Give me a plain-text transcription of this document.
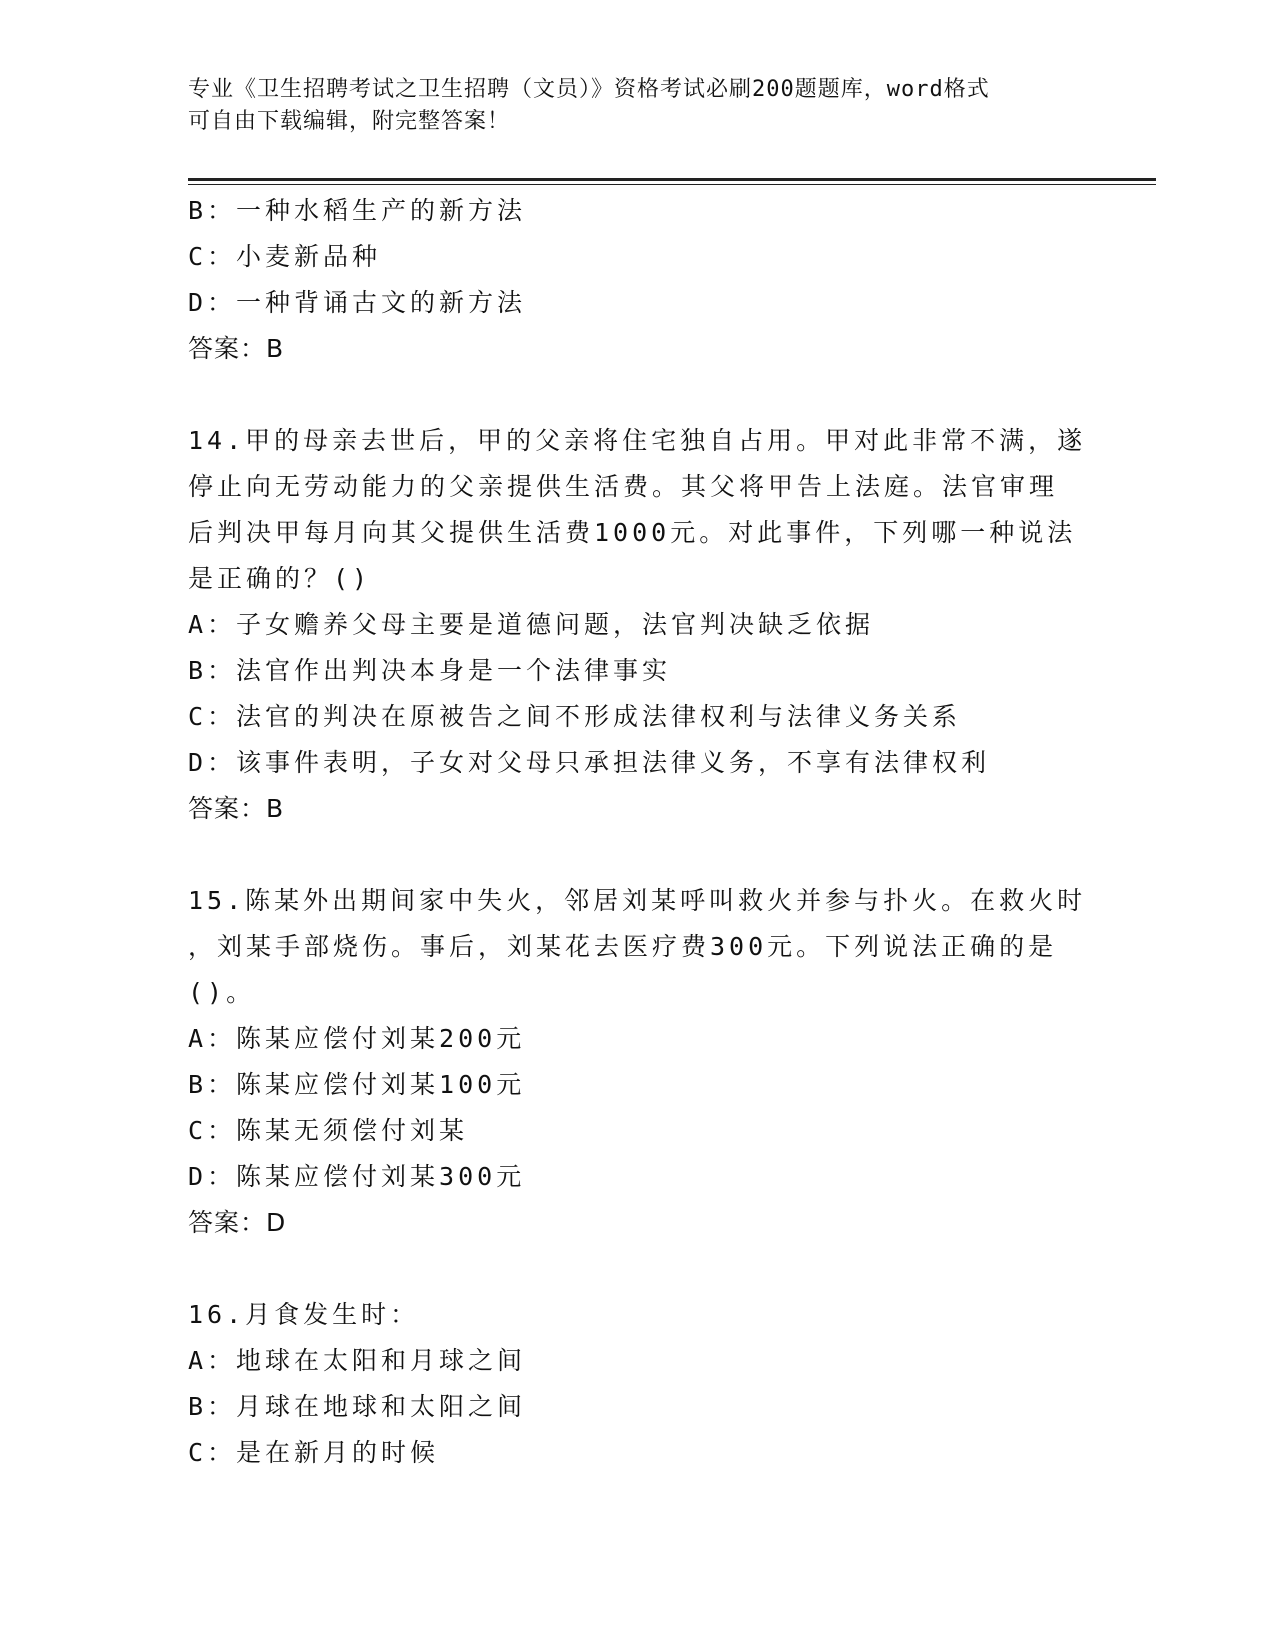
专业《卫生招聘考试之卫生招聘（文员）》资格考试必刷200题题库，word格式
可自由下载编辑，附完整答案！
B：一种水稻生产的新方法
C：小麦新品种
D：一种背诵古文的新方法
答案：B
14.甲的母亲去世后，甲的父亲将住宅独自占用。甲对此非常不满，遂
停止向无劳动能力的父亲提供生活费。其父将甲告上法庭。法官审理
后判决甲每月向其父提供生活费1000元。对此事件，下列哪一种说法
是正确的？()
A：子女赡养父母主要是道德问题，法官判决缺乏依据
B：法官作出判决本身是一个法律事实
C：法官的判决在原被告之间不形成法律权利与法律义务关系
D：该事件表明，子女对父母只承担法律义务，不享有法律权利
答案：B
15.陈某外出期间家中失火，邻居刘某呼叫救火并参与扑火。在救火时
，刘某手部烧伤。事后，刘某花去医疗费300元。下列说法正确的是
()。
A：陈某应偿付刘某200元
B：陈某应偿付刘某100元
C：陈某无须偿付刘某
D：陈某应偿付刘某300元
答案：D
16.月食发生时：
A：地球在太阳和月球之间
B：月球在地球和太阳之间
C：是在新月的时候
